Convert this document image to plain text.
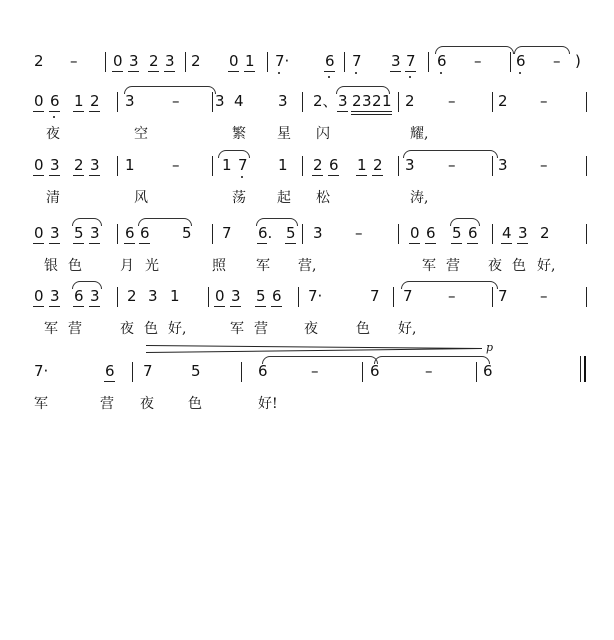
2 – 0 3 2 3 2 0 1 7· 6 7 3 7 6 – 6 – )
0 6 1 2 3 – 3 4 3 2、 3 2 3 2 1 2 –	2 –
夜	空	繁 星 闪	耀,
0 3 2 3 1 –	1 7 1 2 6 1 2 3 –	3 –
清	风	荡 起 松	涛,
0 3 5 3 6 6 5 7 6. 5 3 –	0 6 5 6 4 3 2
银 色	月 光	照 军 营,	军 营 夜 色 好,
0 3 6 3 2 3 1 0 3 5 6 7·	7 7 –	7 –
军 营	夜 色 好,	军 营	夜	色 好,
7·	6 7	5	6	–	6	–	6
p
军	营 夜 色	好!
